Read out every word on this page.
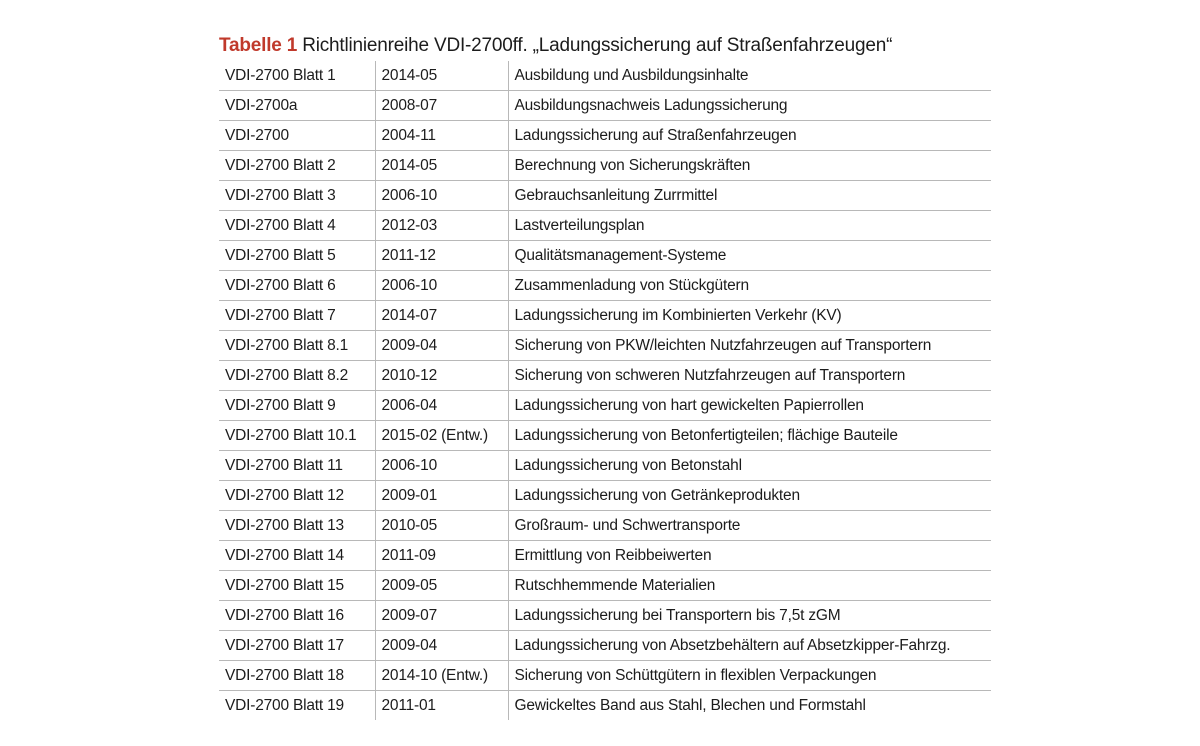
Tabelle 1 Richtlinienreihe VDI-2700ff. „Ladungssicherung auf Straßenfahrzeugen“
VDI-2700 Blatt 1	2014-05	Ausbildung und Ausbildungsinhalte
VDI-2700a	2008-07	Ausbildungsnachweis Ladungssicherung
VDI-2700	2004-11	Ladungssicherung auf Straßenfahrzeugen
VDI-2700 Blatt 2	2014-05	Berechnung von Sicherungskräften
VDI-2700 Blatt 3	2006-10	Gebrauchsanleitung Zurrmittel
VDI-2700 Blatt 4	2012-03	Lastverteilungsplan
VDI-2700 Blatt 5	2011-12	Qualitätsmanagement-Systeme
VDI-2700 Blatt 6	2006-10	Zusammenladung von Stückgütern
VDI-2700 Blatt 7	2014-07	Ladungssicherung im Kombinierten Verkehr (KV)
VDI-2700 Blatt 8.1	2009-04	Sicherung von PKW/leichten Nutzfahrzeugen auf Transportern
VDI-2700 Blatt 8.2	2010-12	Sicherung von schweren Nutzfahrzeugen auf Transportern
VDI-2700 Blatt 9	2006-04	Ladungssicherung von hart gewickelten Papierrollen
VDI-2700 Blatt 10.1	2015-02 (Entw.)	Ladungssicherung von Betonfertigteilen; flächige Bauteile
VDI-2700 Blatt 11	2006-10	Ladungssicherung von Betonstahl
VDI-2700 Blatt 12	2009-01	Ladungssicherung von Getränkeprodukten
VDI-2700 Blatt 13	2010-05	Großraum- und Schwertransporte
VDI-2700 Blatt 14	2011-09	Ermittlung von Reibbeiwerten
VDI-2700 Blatt 15	2009-05	Rutschhemmende Materialien
VDI-2700 Blatt 16	2009-07	Ladungssicherung bei Transportern bis 7,5t zGM
VDI-2700 Blatt 17	2009-04	Ladungssicherung von Absetzbehältern auf Absetzkipper-Fahrzg.
VDI-2700 Blatt 18	2014-10 (Entw.)	Sicherung von Schüttgütern in flexiblen Verpackungen
VDI-2700 Blatt 19	2011-01	Gewickeltes Band aus Stahl, Blechen und Formstahl
